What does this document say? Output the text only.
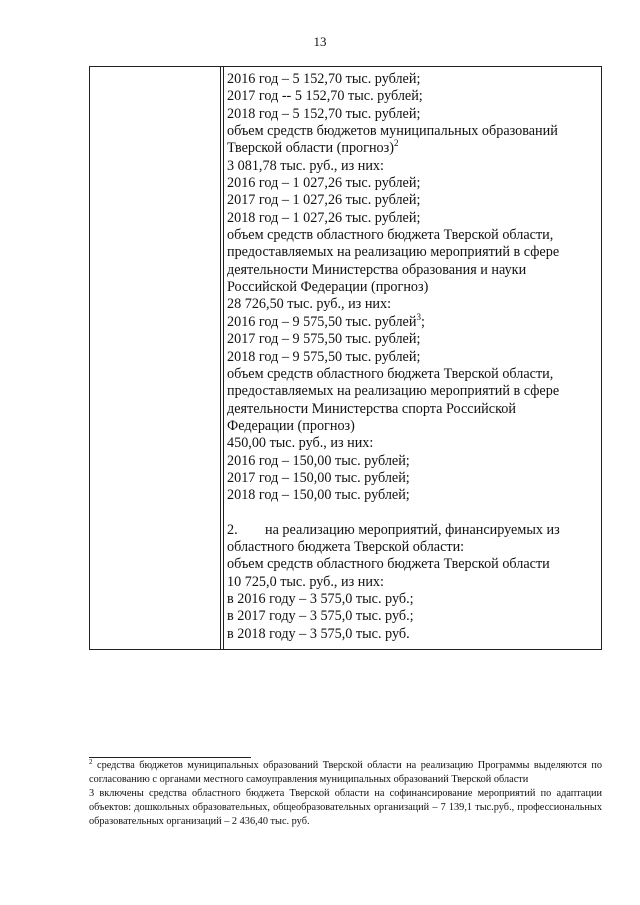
13
2016 год – 5 152,70 тыс. рублей;
2017 год -- 5 152,70 тыс. рублей;
2018 год – 5 152,70 тыс. рублей;
объем средств бюджетов муниципальных образований
Тверской области (прогноз)$^2$
3 081,78 тыс. руб., из них:
2016 год – 1 027,26 тыс. рублей;
2017 год – 1 027,26 тыс. рублей;
2018 год – 1 027,26 тыс. рублей;
объем средств областного бюджета Тверской области,
предоставляемых на реализацию мероприятий в сфере
деятельности Министерства образования и науки
Российской Федерации (прогноз)
28 726,50 тыс. руб., из них:
2016 год – 9 575,50 тыс. рублей$^3$;
2017 год – 9 575,50 тыс. рублей;
2018 год – 9 575,50 тыс. рублей;
объем средств областного бюджета Тверской области,
предоставляемых на реализацию мероприятий в сфере
деятельности Министерства спорта Российской
Федерации (прогноз)
450,00 тыс. руб., из них:
2016 год – 150,00 тыс. рублей;
2017 год – 150,00 тыс. рублей;
2018 год – 150,00 тыс. рублей;
2. на реализацию мероприятий, финансируемых из
областного бюджета Тверской области:
объем средств областного бюджета Тверской области
10 725,0 тыс. руб., из них:
в 2016 году – 3 575,0 тыс. руб.;
в 2017 году – 3 575,0 тыс. руб.;
в 2018 году – 3 575,0 тыс. руб.

$^2$ средства бюджетов муниципальных образований Тверской области на реализацию Программы выделяются по согласованию с органами местного самоуправления муниципальных образований Тверской области

3 включены средства областного бюджета Тверской области на софинансирование мероприятий по адаптации объектов: дошкольных образовательных, общеобразовательных организаций – 7 139,1 тыс.руб., профессиональных образовательных организаций – 2 436,40 тыс. руб.
